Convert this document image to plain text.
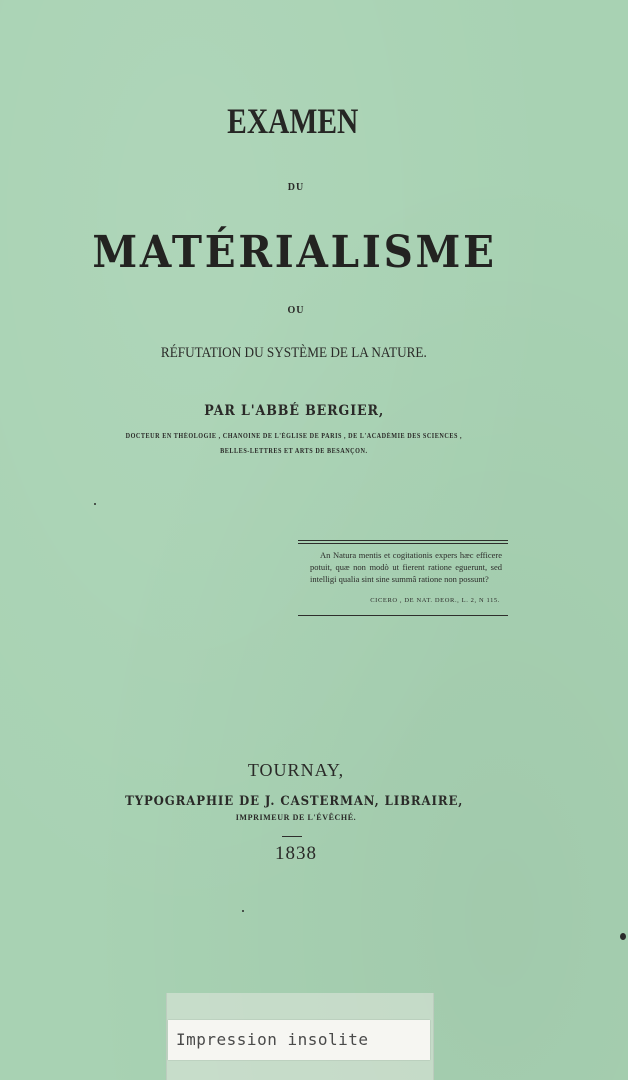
EXAMEN
DU
MATÉRIALISME
OU
RÉFUTATION DU SYSTÈME DE LA NATURE.
PAR L'ABBÉ BERGIER,
DOCTEUR EN THÉOLOGIE , CHANOINE DE L'ÉGLISE DE PARIS , DE L'ACADÉMIE DES SCIENCES ,
BELLES-LETTRES ET ARTS DE BESANÇON.
An Natura mentis et cogitationis expers hæc efficere potuit, quæ non modò ut fierent ratione eguerunt, sed intelligi qualia sint sine summâ ratione non possunt?
CICERO , DE NAT. DEOR., L. 2, N 115.
TOURNAY,
TYPOGRAPHIE DE J. CASTERMAN, LIBRAIRE,
IMPRIMEUR DE L'ÉVÊCHÉ.
1838
Impression insolite
